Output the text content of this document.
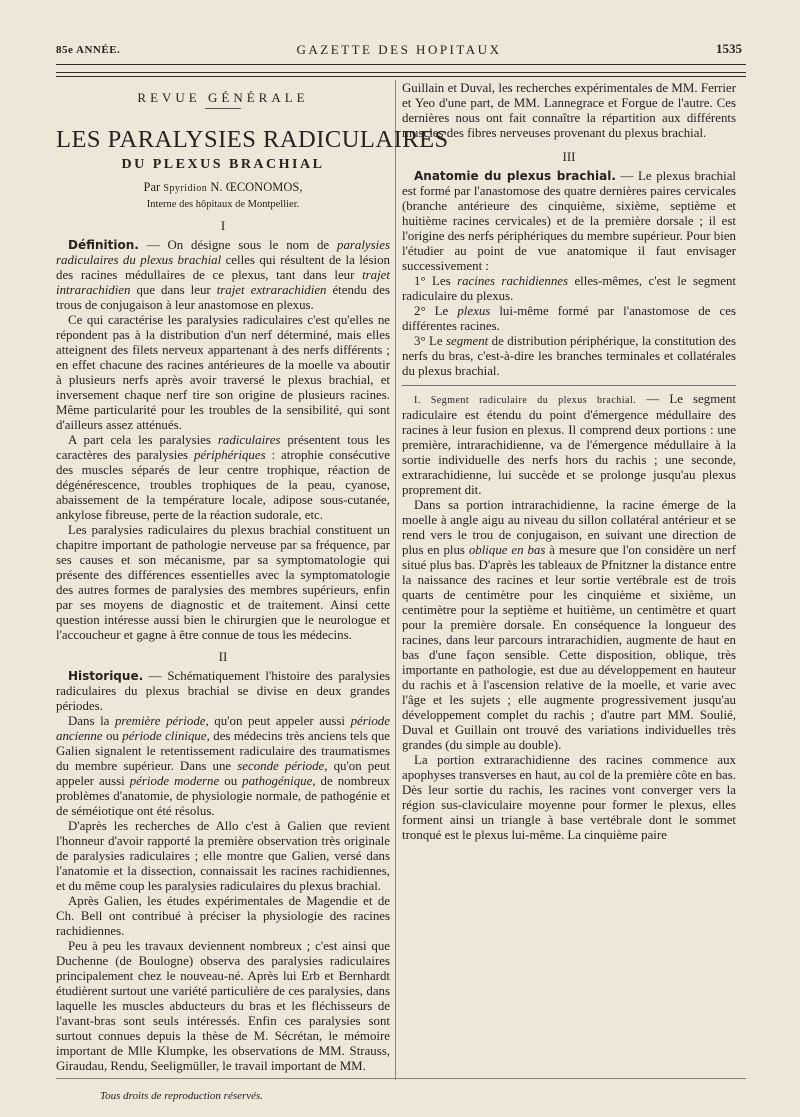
85e ANNÉE.	GAZETTE DES HOPITAUX	1535
REVUE GÉNÉRALE
LES PARALYSIES RADICULAIRES
DU PLEXUS BRACHIAL
Par Spyridion N. ŒCONOMOS,
Interne des hôpitaux de Montpellier.
I

Définition. — On désigne sous le nom de paralysies radiculaires du plexus brachial celles qui résultent de la lésion des racines médullaires de ce plexus, tant dans leur trajet intrarachidien que dans leur trajet extrarachidien étendu des trous de conjugaison à leur anastomose en plexus.

Ce qui caractérise les paralysies radiculaires c'est qu'elles ne répondent pas à la distribution d'un nerf déterminé, mais elles atteignent des filets nerveux appartenant à des nerfs différents ; en effet chacune des racines antérieures de la moelle va aboutir à plusieurs nerfs après avoir traversé le plexus brachial, et inversement chaque nerf tire son origine de plusieurs racines. Même particularité pour les troubles de la sensibilité, qui sont d'ailleurs assez atténués.

A part cela les paralysies radiculaires présentent tous les caractères des paralysies périphériques : atrophie consécutive des muscles séparés de leur centre trophique, réaction de dégénérescence, troubles trophiques de la peau, cyanose, abaissement de la température locale, adipose sous-cutanée, ankylose fibreuse, perte de la réaction sudorale, etc.

Les paralysies radiculaires du plexus brachial constituent un chapitre important de pathologie nerveuse par sa fréquence, par ses causes et son mécanisme, par sa symptomatologie qui présente des différences essentielles avec la symptomatologie des autres formes de paralysies des membres supérieurs, enfin par ses moyens de diagnostic et de traitement. Ainsi cette question intéresse aussi bien le chirurgien que le neurologue et l'accoucheur et gagne à être connue de tous les médecins.

II

Historique. — Schématiquement l'histoire des paralysies radiculaires du plexus brachial se divise en deux grandes périodes.

Dans la première période, qu'on peut appeler aussi période ancienne ou période clinique, des médecins très anciens tels que Galien signalent le retentissement radiculaire des traumatismes du membre supérieur. Dans une seconde période, qu'on peut appeler aussi période moderne ou pathogénique, de nombreux problèmes d'anatomie, de physiologie normale, de pathogénie et de séméiotique ont été résolus.

D'après les recherches de Allo c'est à Galien que revient l'honneur d'avoir rapporté la première observation très originale de paralysies radiculaires ; elle montre que Galien, versé dans l'anatomie et la dissection, connaissait les racines rachidiennes, et du même coup les paralysies radiculaires du plexus brachial.

Après Galien, les études expérimentales de Magendie et de Ch. Bell ont contribué à préciser la physiologie des racines rachidiennes.

Peu à peu les travaux deviennent nombreux ; c'est ainsi que Duchenne (de Boulogne) observa des paralysies radiculaires principalement chez le nouveau-né. Après lui Erb et Bernhardt étudièrent surtout une variété particulière de ces paralysies, dans laquelle les muscles abducteurs du bras et les fléchisseurs de l'avant-bras sont seuls intéressés. Enfin ces paralysies sont surtout connues depuis la thèse de M. Sécrétan, le mémoire important de Mlle Klumpke, les observations de MM. Strauss, Giraudau, Rendu, Seeligmüller, le travail important de MM.

Guillain et Duval, les recherches expérimentales de MM. Ferrier et Yeo d'une part, de MM. Lannegrace et Forgue de l'autre. Ces dernières nous ont fait connaître la répartition aux différents muscles des fibres nerveuses provenant du plexus brachial.

III

Anatomie du plexus brachial. — Le plexus brachial est formé par l'anastomose des quatre dernières paires cervicales (branche antérieure des cinquième, sixième, septième et huitième racines cervicales) et de la première dorsale ; il est l'origine des nerfs périphériques du membre supérieur. Pour bien l'étudier au point de vue anatomique il faut envisager successivement :

1° Les racines rachidiennes elles-mêmes, c'est le segment radiculaire du plexus.

2° Le plexus lui-même formé par l'anastomose de ces différentes racines.

3° Le segment de distribution périphérique, la constitution des nerfs du bras, c'est-à-dire les branches terminales et collatérales du plexus brachial.

I. Segment radiculaire du plexus brachial. — Le segment radiculaire est étendu du point d'émergence médullaire des racines à leur fusion en plexus. Il comprend deux portions : une première, intrarachidienne, va de l'émergence médullaire à la sortie individuelle des nerfs hors du rachis ; une seconde, extrarachidienne, lui succède et se prolonge jusqu'au plexus proprement dit.

Dans sa portion intrarachidienne, la racine émerge de la moelle à angle aigu au niveau du sillon collatéral antérieur et se rend vers le trou de conjugaison, en suivant une direction de plus en plus oblique en bas à mesure que l'on considère un nerf situé plus bas. D'après les tableaux de Pfnitzner la distance entre la naissance des racines et leur sortie vertébrale est de trois quarts de centimètre pour les cinquième et sixième, un centimètre pour la septième et huitième, un centimètre et quart pour la première dorsale. En conséquence la longueur des racines, dans leur parcours intrarachidien, augmente de haut en bas d'une façon sensible. Cette disposition, oblique, très importante en pathologie, est due au développement en hauteur du rachis et à l'ascension relative de la moelle, et varie avec l'âge et les sujets ; elle augmente progressivement jusqu'au développement complet du rachis ; d'autre part MM. Soulié, Duval et Guillain ont trouvé des variations individuelles très grandes (du simple au double).

La portion extrarachidienne des racines commence aux apophyses transverses en haut, au col de la première côte en bas. Dès leur sortie du rachis, les racines vont converger vers la région sus-claviculaire moyenne pour former le plexus, elles forment ainsi un triangle à base vertébrale dont le sommet tronqué est le plexus lui-même. La cinquième paire

Tous droits de reproduction réservés.
